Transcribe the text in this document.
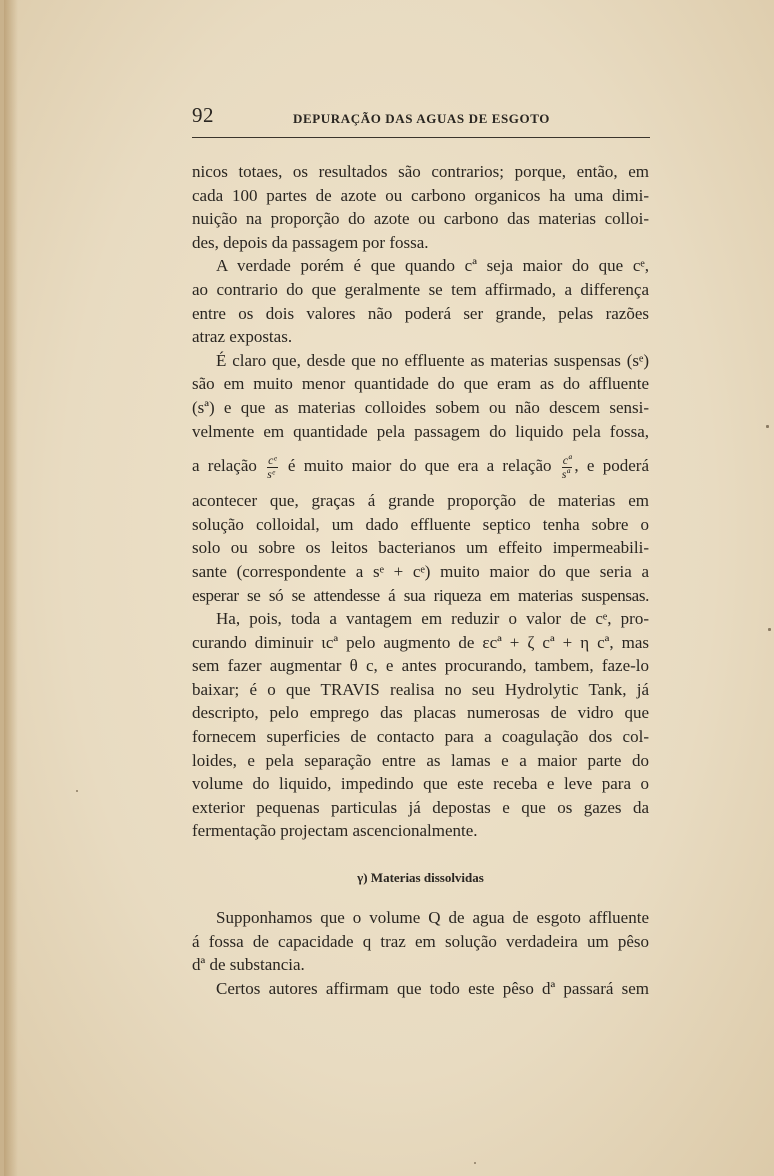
92	DEPURAÇÃO DAS AGUAS DE ESGOTO

nicos totaes, os resultados são contrarios; porque, então, em
cada 100 partes de azote ou carbono organicos ha uma dimi-
nuição na proporção do azote ou carbono das materias colloi-
des, depois da passagem por fossa.

A verdade porém é que quando cª seja maior do que cᵉ,
ao contrario do que geralmente se tem affirmado, a differença
entre os dois valores não poderá ser grande, pelas razões
atraz expostas.

É claro que, desde que no effluente as materias suspensas (sᵉ)
são em muito menor quantidade do que eram as do affluente
(sª) e que as materias colloides sobem ou não descem sensi-
velmente em quantidade pela passagem do liquido pela fossa,
a relação $\frac{\text{cᵉ}}{\text{sᵉ}}$ é muito maior do que era a relação $\frac{\text{cª}}{\text{sª}}$ , e poderá
acontecer que, graças á grande proporção de materias em
solução colloidal, um dado effluente septico tenha sobre o
solo ou sobre os leitos bacterianos um effeito impermeabili-
sante (correspondente a sᵉ + cᵉ) muito maior do que seria a
esperar se só se attendesse á sua riqueza em materias suspensas.

Ha, pois, toda a vantagem em reduzir o valor de cᵉ, pro-
curando diminuir ιcª pelo augmento de εcª + ζ cª + η cª, mas
sem fazer augmentar θ c, e antes procurando, tambem, faze-lo
baixar; é o que TRAVIS realisa no seu Hydrolytic Tank, já
descripto, pelo emprego das placas numerosas de vidro que
fornecem superficies de contacto para a coagulação dos col-
loides, e pela separação entre as lamas e a maior parte do
volume do liquido, impedindo que este receba e leve para o
exterior pequenas particulas já depostas e que os gazes da
fermentação projectam ascencionalmente.

γ) Materias dissolvidas

Supponhamos que o volume Q de agua de esgoto affluente
á fossa de capacidade q traz em solução verdadeira um pêso
dª de substancia.

Certos autores affirmam que todo este pêso dª passará sem
